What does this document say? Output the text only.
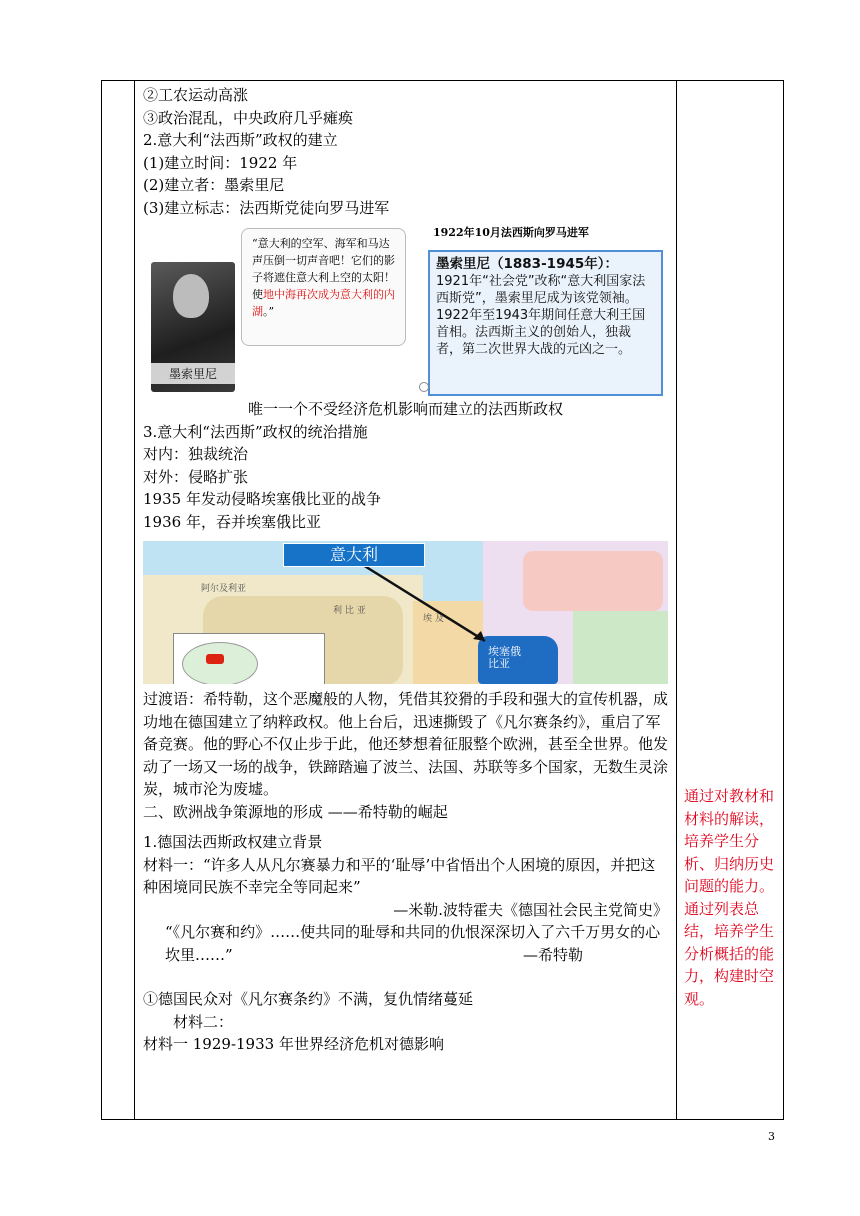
②工农运动高涨

③政治混乱，中央政府几乎瘫痪

2.意大利“法西斯”政权的建立

(1)建立时间：1922 年

(2)建立者：墨索里尼

(3)建立标志：法西斯党徒向罗马进军

1922年10月法西斯向罗马进军
墨索里尼
“意大利的空军、海军和马达声压倒一切声音吧！它们的影子将遮住意大利上空的太阳！使地中海再次成为意大利的内湖。”
墨索里尼（1883-1945年）：
1921年“社会党”改称“意大利国家法西斯党”，墨索里尼成为该党领袖。1922年至1943年期间任意大利王国首相。法西斯主义的创始人，独裁者，第二次世界大战的元凶之一。

唯一一个不受经济危机影响而建立的法西斯政权

3.意大利“法西斯”政权的统治措施

对内：独裁统治

对外：侵略扩张

1935 年发动侵略埃塞俄比亚的战争

1936 年，吞并埃塞俄比亚

阿尔及利亚
利 比 亚
埃 及
埃塞俄
比亚
意大利

过渡语：希特勒，这个恶魔般的人物，凭借其狡猾的手段和强大的宣传机器，成功地在德国建立了纳粹政权。他上台后，迅速撕毁了《凡尔赛条约》，重启了军备竞赛。他的野心不仅止步于此，他还梦想着征服整个欧洲，甚至全世界。他发动了一场又一场的战争，铁蹄踏遍了波兰、法国、苏联等多个国家，无数生灵涂炭，城市沦为废墟。

二、欧洲战争策源地的形成 ——希特勒的崛起

1.德国法西斯政权建立背景

材料一：“许多人从凡尔赛暴力和平的‘耻辱’中省悟出个人困境的原因，并把这种困境同民族不幸完全等同起来”

—米勒.波特霍夫《德国社会民主党简史》

“《凡尔赛和约》……使共同的耻辱和共同的仇恨深深切入了六千万男女的心坎里……”	—希特勒

①德国民众对《凡尔赛条约》不满，复仇情绪蔓延

材料二：

材料一 1929-1933 年世界经济危机对德影响

通过对教材和材料的解读，培养学生分析、归纳历史问题的能力。通过列表总结，培养学生分析概括的能力，构建时空观。
3
